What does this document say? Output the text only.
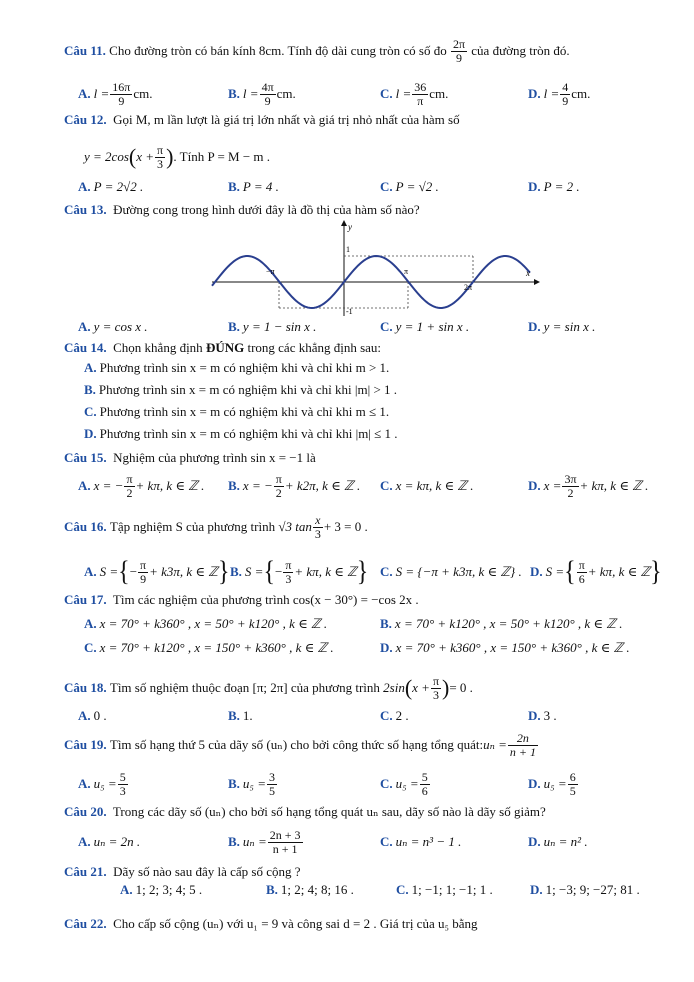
Câu 11.
Cho đường tròn có bán kính 8cm. Tính độ dài cung tròn có số đo
$\frac{2\pi}{9}$
của đường tròn đó.
A. $l = \frac{16\pi}{9}$ cm.	B. $l = \frac{4\pi}{9}$ cm.	C. $l = \frac{36}{\pi}$ cm.	D. $l = \frac{4}{9}$ cm.
Câu 12. Gọi M, m lần lượt là giá trị lớn nhất và giá trị nhỏ nhất của hàm số
y = 2cos ( $x + \frac{\pi}{3}$ ) . Tính P = M − m .
A. P = 2√2 .	B. P = 4 .	C. P = √2 .	D. P = 2 .
Câu 13. Đường cong trong hình dưới đây là đồ thị của hàm số nào?
y
x
1
-1
−π	π
2π
A. y = cos x .	B. y = 1 − sin x .	C. y = 1 + sin x .	D. y = sin x .
Câu 14. Chọn khẳng định ĐÚNG trong các khẳng định sau:
A. Phương trình sin x = m có nghiệm khi và chỉ khi m > 1.
B. Phương trình sin x = m có nghiệm khi và chỉ khi |m| > 1 .
C. Phương trình sin x = m có nghiệm khi và chỉ khi m ≤ 1.
D. Phương trình sin x = m có nghiệm khi và chỉ khi |m| ≤ 1 .
Câu 15. Nghiệm của phương trình sin x = −1 là
A. x = − $\frac{\pi}{2} + k\pi$, k ∈ ℤ . B. x = − $\frac{\pi}{2} + k2\pi$, k ∈ ℤ . C. x = kπ, k ∈ ℤ .	D. $x = \frac{3\pi}{2} + k\pi$, k ∈ ℤ .
Câu 16.
Tập nghiệm S của phương trình
√3 $\tan \frac{x}{3} + 3 = 0$ .
A. S = { − $\frac{\pi}{9} + k3\pi$, k ∈ ℤ } B. S = { − $\frac{\pi}{3} + k\pi$, k ∈ ℤ } C. S = {−π + k3π, k ∈ ℤ} . D. S = { $\frac{\pi}{6} + k\pi$, k ∈ ℤ }
Câu 17. Tìm các nghiệm của phương trình cos(x − 30°) = −cos 2x .
A. x = 70° + k360° , x = 50° + k120° , k ∈ ℤ .	B. x = 70° + k120° , x = 50° + k120° , k ∈ ℤ .
C. x = 70° + k120° , x = 150° + k360° , k ∈ ℤ .	D. x = 70° + k360° , x = 150° + k360° , k ∈ ℤ .
Câu 18.
Tìm số nghiệm thuộc đoạn [π; 2π] của phương trình
2sin ( $x + \frac{\pi}{3}$ ) = 0 .
A. 0 .	B. 1.	C. 2 .	D. 3 .
Câu 19.
Tìm số hạng thứ 5 của dãy số (uₙ) cho bởi công thức số hạng tổng quát: $u_n = \frac{2n}{n + 1}$
A. $u_5 = \frac{5}{3}$	B. $u_5 = \frac{3}{5}$	C. $u_5 = \frac{5}{6}$	D. $u_5 = \frac{6}{5}$
Câu 20. Trong các dãy số (uₙ) cho bởi số hạng tổng quát uₙ sau, dãy số nào là dãy số giảm?
A. uₙ = 2n .	B. $u_n = \frac{2n + 3}{n + 1}$	C. uₙ = n³ − 1 .	D. uₙ = n² .
Câu 21. Dãy số nào sau đây là cấp số cộng ?
A. 1; 2; 3; 4; 5 .	B. 1; 2; 4; 8; 16 .	C. 1; −1; 1; −1; 1 .	D. 1; −3; 9; −27; 81 .
Câu 22. Cho cấp số cộng (uₙ) với u₁ = 9 và công sai d = 2 . Giá trị của u₅ bằng
